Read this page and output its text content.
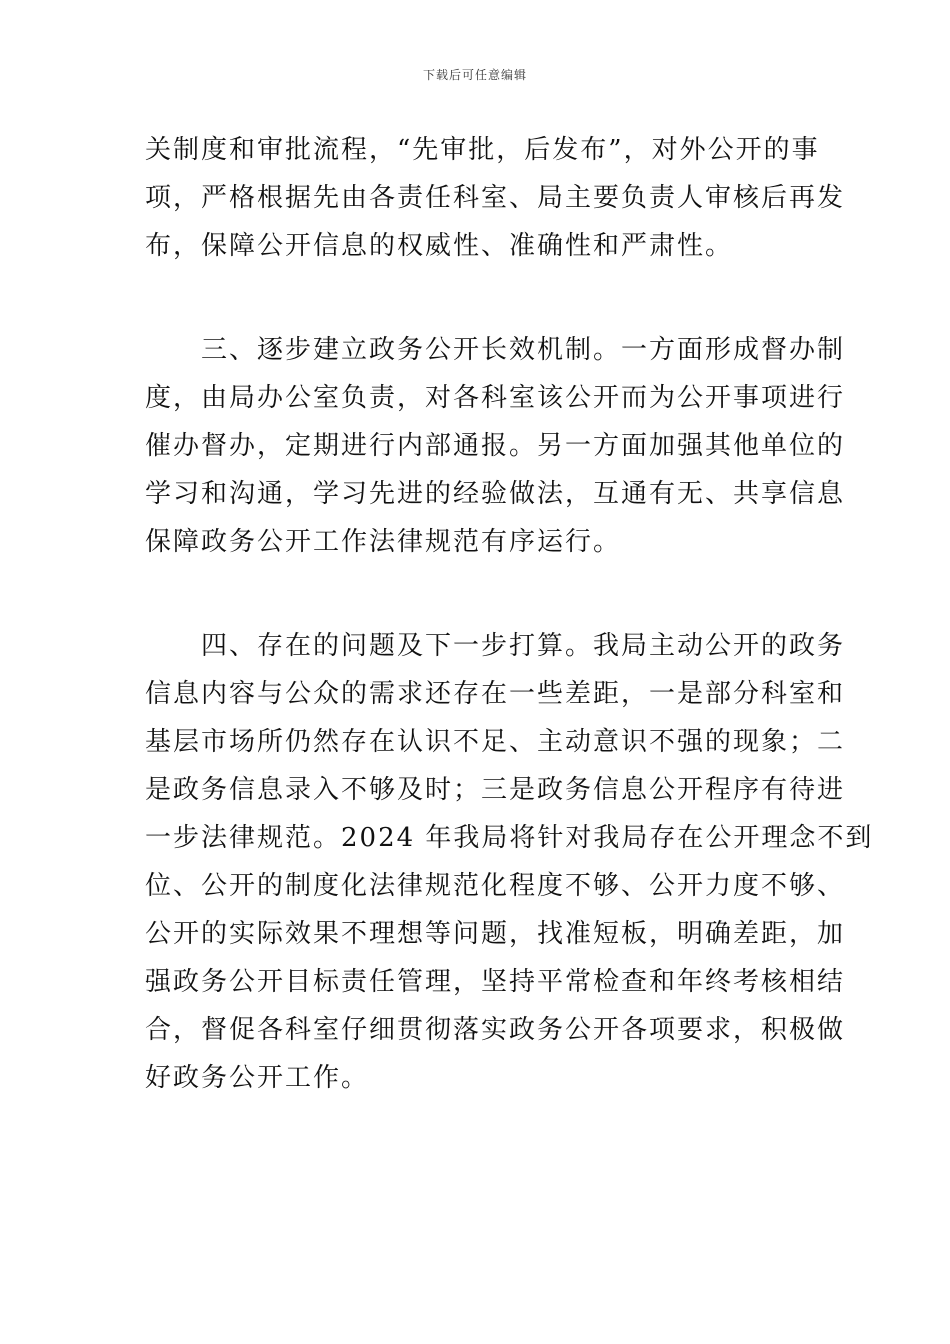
下载后可任意编辑

关制度和审批流程，“先审批，后发布”，对外公开的事
项，严格根据先由各责任科室、局主要负责人审核后再发
布，保障公开信息的权威性、准确性和严肃性。

　　三、逐步建立政务公开长效机制。一方面形成督办制
度，由局办公室负责，对各科室该公开而为公开事项进行
催办督办，定期进行内部通报。另一方面加强其他单位的
学习和沟通，学习先进的经验做法，互通有无、共享信息
保障政务公开工作法律规范有序运行。

　　四、存在的问题及下一步打算。我局主动公开的政务
信息内容与公众的需求还存在一些差距，一是部分科室和
基层市场所仍然存在认识不足、主动意识不强的现象；二
是政务信息录入不够及时；三是政务信息公开程序有待进
一步法律规范。2024 年我局将针对我局存在公开理念不到
位、公开的制度化法律规范化程度不够、公开力度不够、
公开的实际效果不理想等问题，找准短板，明确差距，加
强政务公开目标责任管理，坚持平常检查和年终考核相结
合，督促各科室仔细贯彻落实政务公开各项要求，积极做
好政务公开工作。
